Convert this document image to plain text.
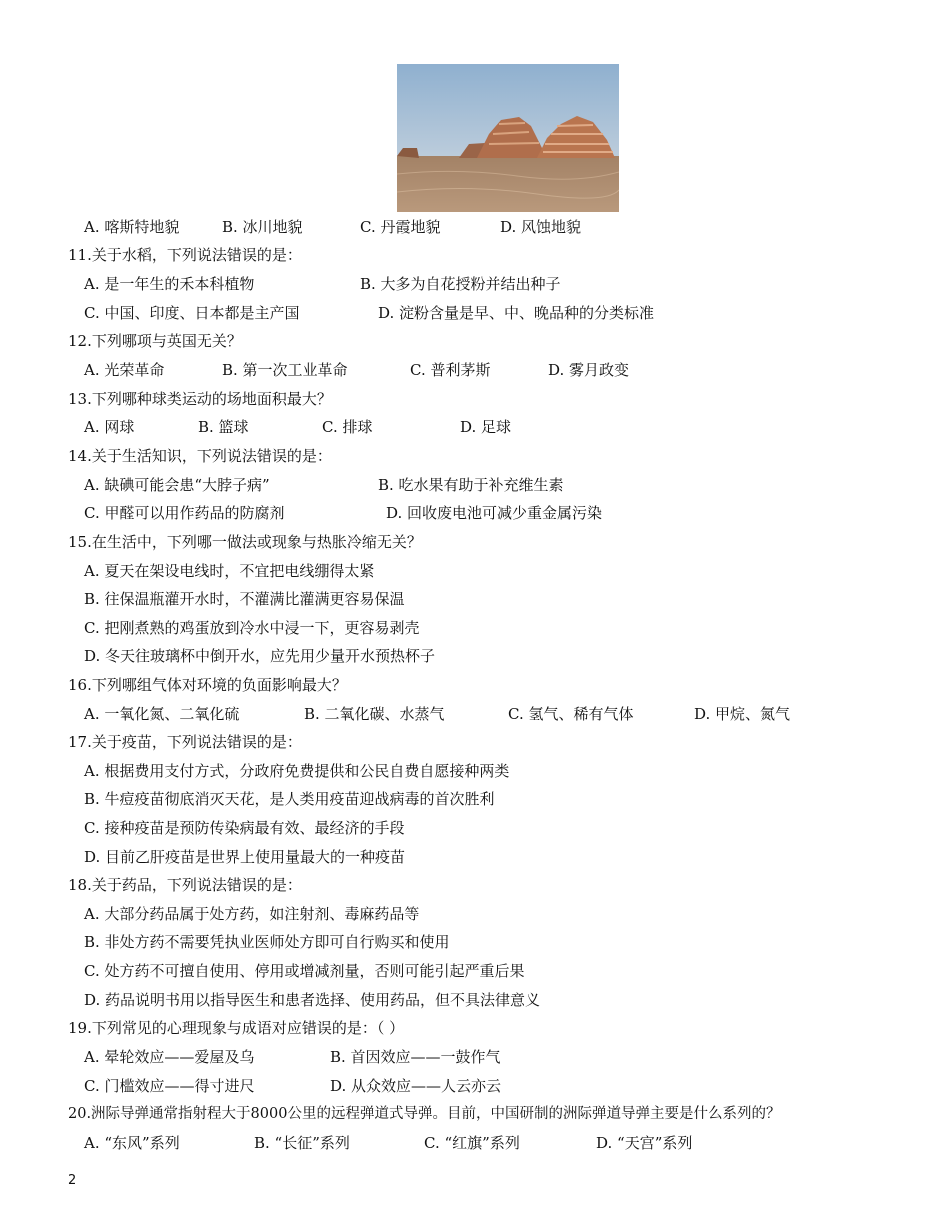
A. 喀斯特地貌	B. 冰川地貌	C. 丹霞地貌	D. 风蚀地貌
11.关于水稻，下列说法错误的是：
A. 是一年生的禾本科植物	B. 大多为自花授粉并结出种子
C. 中国、印度、日本都是主产国	D. 淀粉含量是早、中、晚品种的分类标准
12.下列哪项与英国无关？
A. 光荣革命	B. 第一次工业革命	C. 普利茅斯	D. 雾月政变
13.下列哪种球类运动的场地面积最大？
A. 网球	B. 篮球	C. 排球	D. 足球
14.关于生活知识，下列说法错误的是：
A. 缺碘可能会患“大脖子病”	B. 吃水果有助于补充维生素
C. 甲醛可以用作药品的防腐剂	D. 回收废电池可减少重金属污染
15.在生活中，下列哪一做法或现象与热胀冷缩无关？
A. 夏天在架设电线时，不宜把电线绷得太紧
B. 往保温瓶灌开水时，不灌满比灌满更容易保温
C. 把刚煮熟的鸡蛋放到冷水中浸一下，更容易剥壳
D. 冬天往玻璃杯中倒开水，应先用少量开水预热杯子
16.下列哪组气体对环境的负面影响最大？
A. 一氧化氮、二氧化硫	B. 二氧化碳、水蒸气	C. 氢气、稀有气体	D. 甲烷、氮气
17.关于疫苗，下列说法错误的是：
A. 根据费用支付方式，分政府免费提供和公民自费自愿接种两类
B. 牛痘疫苗彻底消灭天花，是人类用疫苗迎战病毒的首次胜利
C. 接种疫苗是预防传染病最有效、最经济的手段
D. 目前乙肝疫苗是世界上使用量最大的一种疫苗
18.关于药品，下列说法错误的是：
A. 大部分药品属于处方药，如注射剂、毒麻药品等
B. 非处方药不需要凭执业医师处方即可自行购买和使用
C. 处方药不可擅自使用、停用或增减剂量，否则可能引起严重后果
D. 药品说明书用以指导医生和患者选择、使用药品，但不具法律意义
19.下列常见的心理现象与成语对应错误的是：（ ）
A. 晕轮效应——爱屋及乌	B. 首因效应——一鼓作气
C. 门槛效应——得寸进尺	D. 从众效应——人云亦云
20.洲际导弹通常指射程大于8000公里的远程弹道式导弹。目前，中国研制的洲际弹道导弹主要是什么系列的？
A. “东风”系列	B. “长征”系列	C. “红旗”系列	D. “天宫”系列
2
